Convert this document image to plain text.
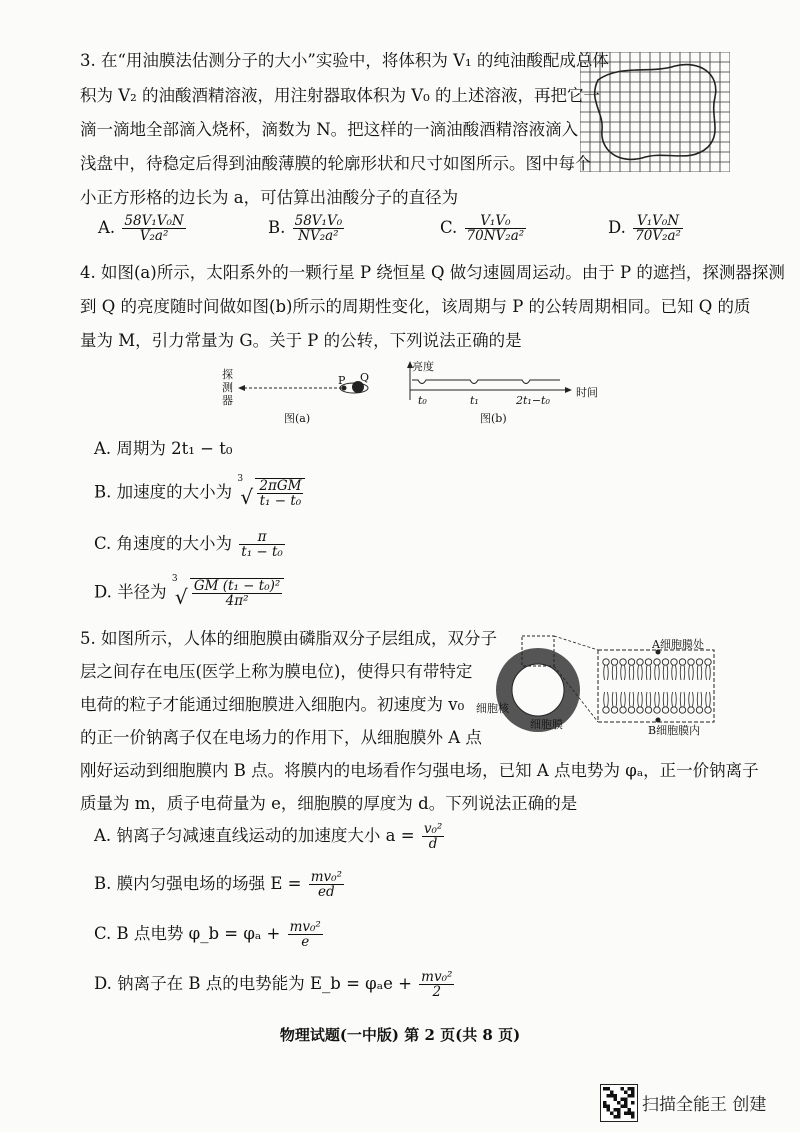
3. 在“用油膜法估测分子的大小”实验中，将体积为 V₁ 的纯油酸配成总体
积为 V₂ 的油酸酒精溶液，用注射器取体积为 V₀ 的上述溶液，再把它一
滴一滴地全部滴入烧杯，滴数为 N。把这样的一滴油酸酒精溶液滴入
浅盘中，待稳定后得到油酸薄膜的轮廓形状和尺寸如图所示。图中每个
小正方形格的边长为 a，可估算出油酸分子的直径为
A. $\frac{\text{58V₁V₀N}}{\text{V₂a²}}$	B. $\frac{\text{58V₁V₀}}{\text{NV₂a²}}$	C. $\frac{\text{V₁V₀}}{\text{70NV₂a²}}$	D. $\frac{\text{V₁V₀N}}{\text{70V₂a²}}$
4. 如图(a)所示，太阳系外的一颗行星 P 绕恒星 Q 做匀速圆周运动。由于 P 的遮挡，探测器探测
到 Q 的亮度随时间做如图(b)所示的周期性变化，该周期与 P 的公转周期相同。已知 Q 的质
量为 M，引力常量为 G。关于 P 的公转，下列说法正确的是
探
测
器
P Q
图(a)
亮度
时间
t₀	t₁	2t₁−t₀
图(b)
A. 周期为 2t₁ − t₀
B. 加速度的大小为
3
√ $\frac{\text{2πGM}}{\text{t₁ − t₀}}$
C. 角速度的大小为 $\frac{\pi}{\text{t₁ − t₀}}$
D. 半径为
3
√ $\frac{\text{GM (t₁ − t₀)²}}{\text{4π²}}$
5. 如图所示，人体的细胞膜由磷脂双分子层组成，双分子
层之间存在电压(医学上称为膜电位)，使得只有带特定
电荷的粒子才能通过细胞膜进入细胞内。初速度为 v₀
的正一价钠离子仅在电场力的作用下，从细胞膜外 A 点
刚好运动到细胞膜内 B 点。将膜内的电场看作匀强电场，已知 A 点电势为 φₐ，正一价钠离子
质量为 m，质子电荷量为 e，细胞膜的厚度为 d。下列说法正确的是
A细胞膜处
B细胞膜内
细胞核
细胞膜
A. 钠离子匀减速直线运动的加速度大小 $a = \frac{\text{v₀²}}{d}$
B. 膜内匀强电场的场强 $E = \frac{\text{mv₀²}}{ed}$
C. B 点电势 φ_b = $\varphi_a + \frac{\text{mv₀²}}{e}$
D. 钠离子在 B 点的电势能为 E_b = $\varphi_ae + \frac{\text{mv₀²}}{2}$
物理试题(一中版) 第 2 页(共 8 页)
扫描全能王 创建
